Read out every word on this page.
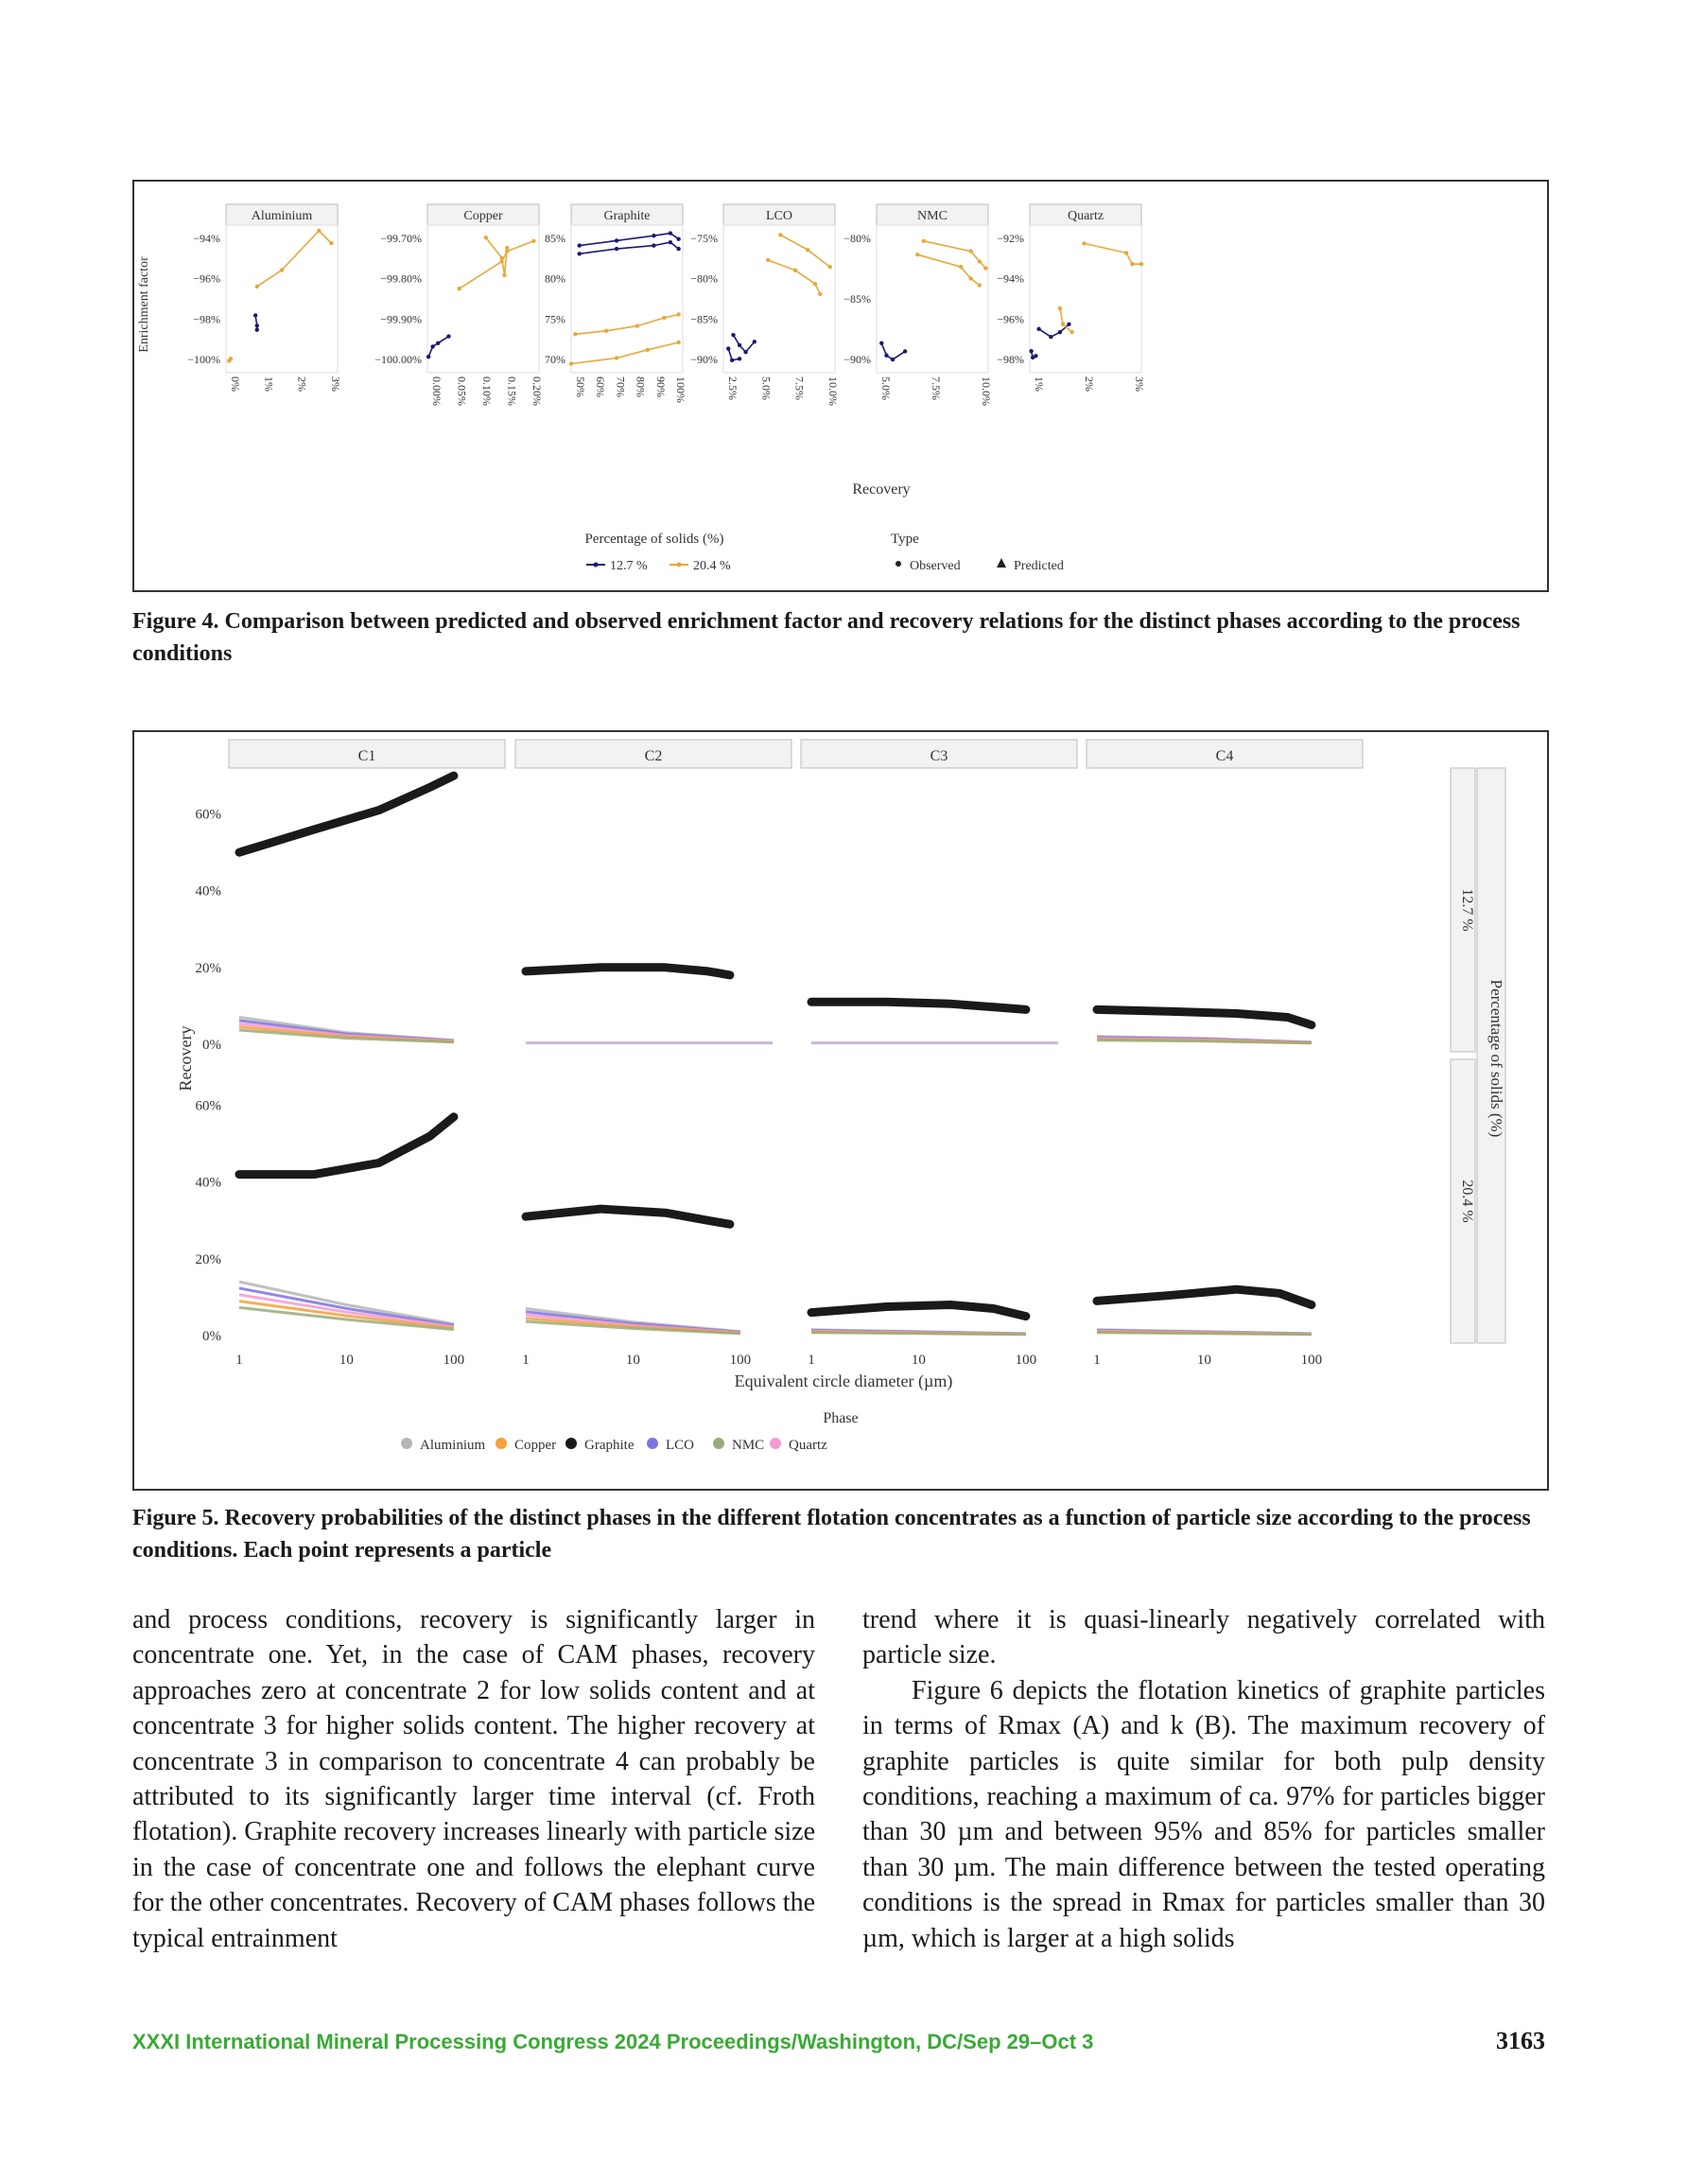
Aluminium
−94%
−96%
−98%
−100%
0% 1% 2% 3%
Copper
−99.70%
−99.80%
−99.90%
−100.00%
0.00% 0.05% 0.10% 0.15% 0.20%
Graphite
85%
80%
75%
70%
50% 60% 70% 80% 90% 100%
LCO
−75%
−80%
−85%
−90%
2.5% 5.0% 7.5% 10.0%
NMC
−80%
−85%
−90%
5.0%	7.5%	10.0%
Quartz
−92%
−94%
−96%
−98%
1%	2%	3%
Enrichment factor
Recovery
Percentage of solids (%)
12.7 %	20.4 %
Type
Observed	Predicted
Figure 4. Comparison between predicted and observed enrichment factor and recovery relations for the distinct phases according to the process conditions
C1	C2	C3	C4
12.7 %
20.4 %
Percentage of solids (%)
0%
20%
40%
60%
0%
20%
40%
60%
Recovery
1	10	100	1	10	100	1	10	100	1	10	100
Equivalent circle diameter (µm)
Phase
Aluminium Copper Graphite LCO	NMC Quartz
Figure 5. Recovery probabilities of the distinct phases in the different flotation concentrates as a function of particle size according to the process conditions. Each point represents a particle

and process conditions, recovery is significantly larger in concentrate one. Yet, in the case of CAM phases, recovery approaches zero at concentrate 2 for low solids content and at concentrate 3 for higher solids content. The higher recovery at concentrate 3 in comparison to concentrate 4 can probably be attributed to its significantly larger time interval (cf. Froth flotation). Graphite recovery increases linearly with particle size in the case of concentrate one and follows the elephant curve for the other concentrates. Recovery of CAM phases follows the typical entrainment

trend where it is quasi-linearly negatively correlated with particle size.

Figure 6 depicts the flotation kinetics of graphite particles in terms of Rmax (A) and k (B). The maximum recovery of graphite particles is quite similar for both pulp density conditions, reaching a maximum of ca. 97% for particles bigger than 30 µm and between 95% and 85% for particles smaller than 30 µm. The main difference between the tested operating conditions is the spread in Rmax for particles smaller than 30 µm, which is larger at a high solids

XXXI International Mineral Processing Congress 2024 Proceedings/Washington, DC/Sep 29–Oct 3	3163
